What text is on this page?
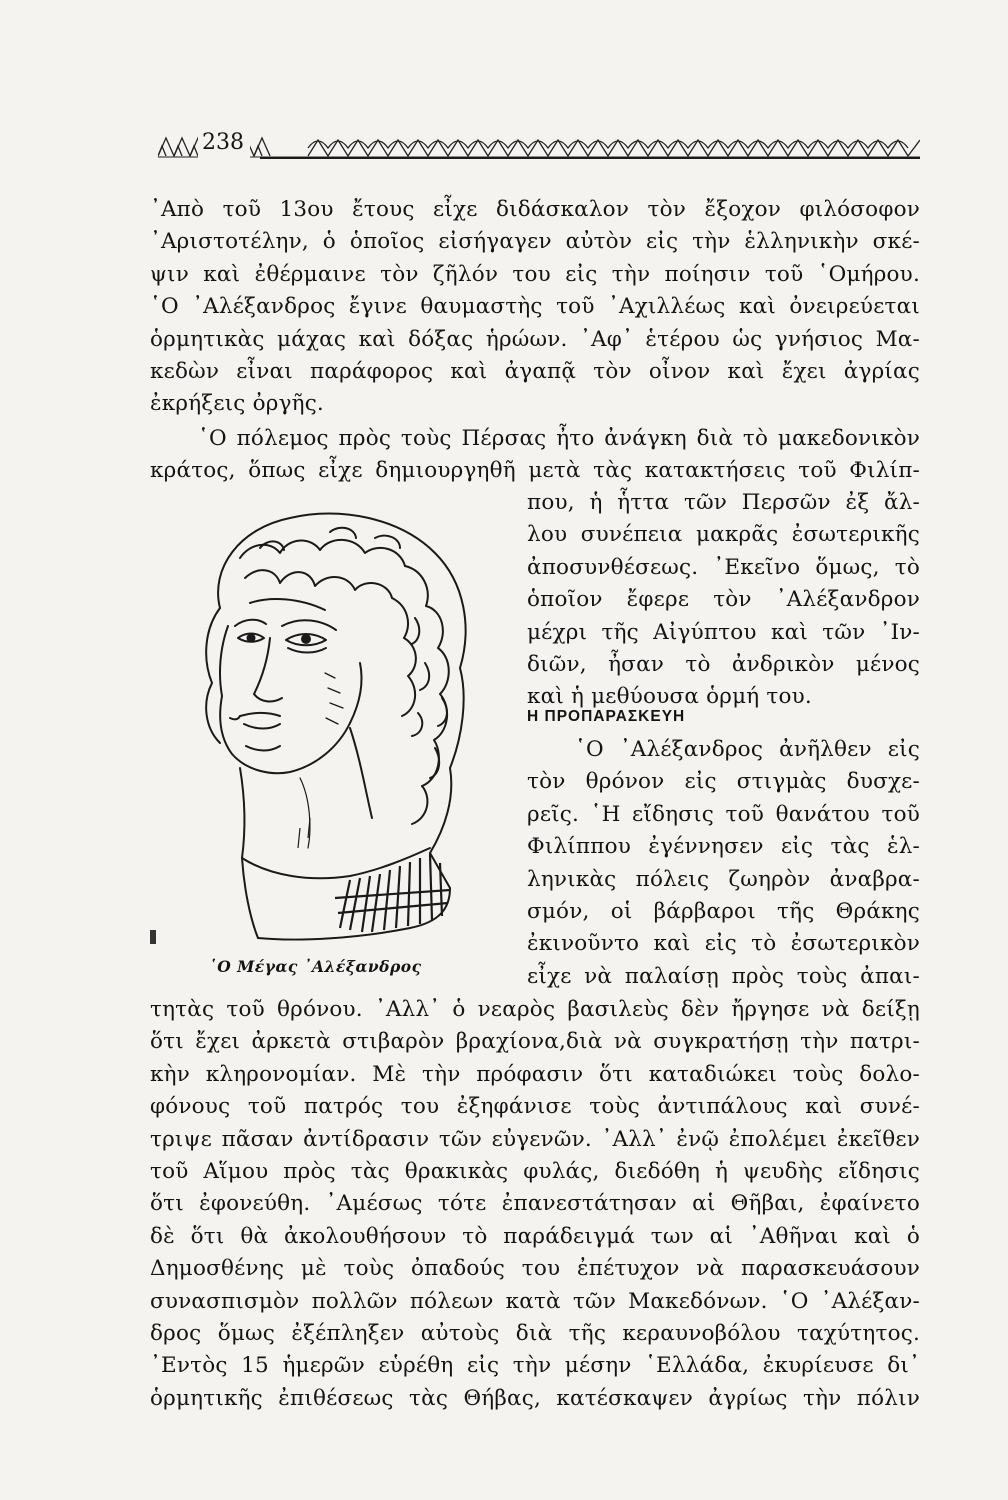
238
᾿Απὸ τοῦ 13ου ἔτους εἶχε διδάσκαλον τὸν ἔξοχον φιλόσοφον
᾿Αριστοτέλην, ὁ ὁποῖος εἰσήγαγεν αὐτὸν εἰς τὴν ἑλληνικὴν σκέ-
ψιν καὶ ἐθέρμαινε τὸν ζῆλόν του εἰς τὴν ποίησιν τοῦ ῾Ομήρου.
῾Ο ᾿Αλέξανδρος ἔγινε θαυμαστὴς τοῦ ᾿Αχιλλέως καὶ ὀνειρεύεται
ὁρμητικὰς μάχας καὶ δόξας ἡρώων. ᾿Αφ᾿ ἑτέρου ὡς γνήσιος Μα-
κεδὼν εἶναι παράφορος καὶ ἀγαπᾷ τὸν οἶνον καὶ ἔχει ἀγρίας
ἐκρήξεις ὀργῆς.
῾Ο πόλεμος πρὸς τοὺς Πέρσας ἦτο ἀνάγκη διὰ τὸ μακεδονικὸν
κράτος, ὅπως εἶχε δημιουργηθῆ μετὰ τὰς κατακτήσεις τοῦ Φιλίπ-
που, ἡ ἧττα τῶν Περσῶν ἐξ ἄλ-
λου συνέπεια μακρᾶς ἐσωτερικῆς
ἀποσυνθέσεως. ᾿Εκεῖνο ὅμως, τὸ
ὁποῖον ἔφερε τὸν ᾿Αλέξανδρον
μέχρι τῆς Αἰγύπτου καὶ τῶν ᾿Ιν-
διῶν, ἦσαν τὸ ἀνδρικὸν μένος
καὶ ἡ μεθύουσα ὁρμή του.
Η ΠΡΟΠΑΡΑΣΚΕΥΗ
῾Ο ᾿Αλέξανδρος ἀνῆλθεν εἰς
τὸν θρόνον εἰς στιγμὰς δυσχε-
ρεῖς. ῾Η εἴδησις τοῦ θανάτου τοῦ
Φιλίππου ἐγέννησεν εἰς τὰς ἑλ-
ληνικὰς πόλεις ζωηρὸν ἀναβρα-
σμόν, οἱ βάρβαροι τῆς Θράκης
ἐκινοῦντο καὶ εἰς τὸ ἐσωτερικὸν
εἶχε νὰ παλαίσῃ πρὸς τοὺς ἀπαι-
τητὰς τοῦ θρόνου. ᾿Αλλ᾿ ὁ νεαρὸς βασιλεὺς δὲν ἤργησε νὰ δείξῃ
ὅτι ἔχει ἀρκετὰ στιβαρὸν βραχίονα,διὰ νὰ συγκρατήσῃ τὴν πατρι-
κὴν κληρονομίαν. Μὲ τὴν πρόφασιν ὅτι καταδιώκει τοὺς δολο-
φόνους τοῦ πατρός του ἐξηφάνισε τοὺς ἀντιπάλους καὶ συνέ-
τριψε πᾶσαν ἀντίδρασιν τῶν εὐγενῶν. ᾿Αλλ᾿ ἐνῷ ἐπολέμει ἐκεῖθεν
τοῦ Αἵμου πρὸς τὰς θρακικὰς φυλάς, διεδόθη ἡ ψευδὴς εἴδησις
ὅτι ἐφονεύθη. ᾿Αμέσως τότε ἐπανεστάτησαν αἱ Θῆβαι, ἐφαίνετο
δὲ ὅτι θὰ ἀκολουθήσουν τὸ παράδειγμά των αἱ ᾿Αθῆναι καὶ ὁ
Δημοσθένης μὲ τοὺς ὀπαδούς του ἐπέτυχον νὰ παρασκευάσουν
συνασπισμὸν πολλῶν πόλεων κατὰ τῶν Μακεδόνων. ῾Ο ᾿Αλέξαν-
δρος ὅμως ἐξέπληξεν αὐτοὺς διὰ τῆς κεραυνοβόλου ταχύτητος.
᾿Εντὸς 15 ἡμερῶν εὑρέθη εἰς τὴν μέσην ῾Ελλάδα, ἐκυρίευσε δι᾿
ὁρμητικῆς ἐπιθέσεως τὰς Θήβας, κατέσκαψεν ἀγρίως τὴν πόλιν
῾Ο Μέγας ᾿Αλέξανδρος
